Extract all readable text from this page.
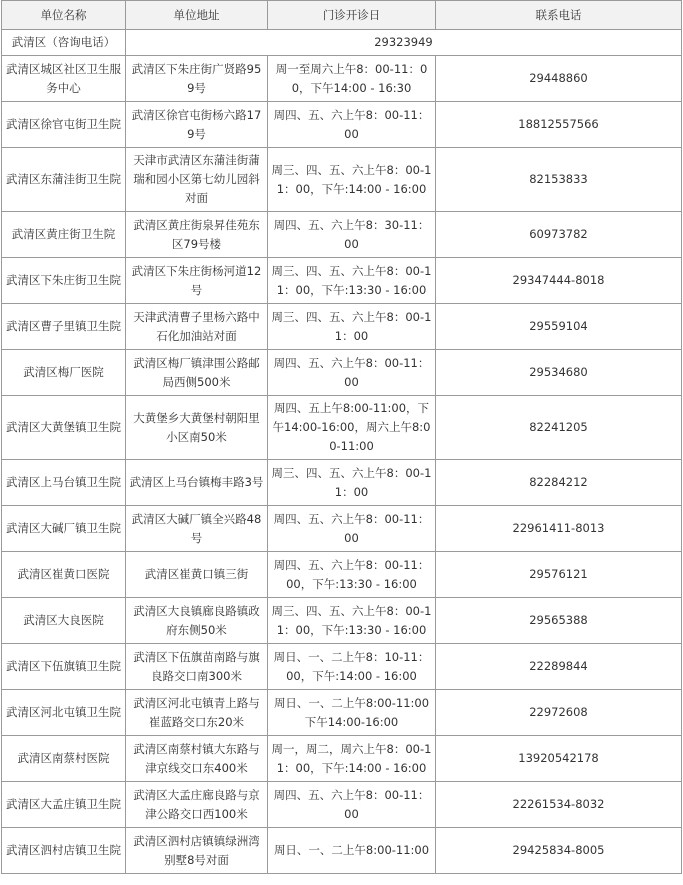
单位名称	单位地址	门诊开诊日	联系电话
武清区（咨询电话）	29323949		
武清区城区社区卫生服务中心	武清区下朱庄街广贤路959号	周一至周六上午8：00-11：00，下午14:00 - 16:30	29448860
武清区徐官屯街卫生院	武清区徐官屯街杨六路179号	周四、五、六上午8：00-11：00	18812557566
武清区东蒲洼街卫生院	天津市武清区东蒲洼街蒲瑞和园小区第七幼儿园斜对面	周三、四、五、六上午8：00-11：00，下午:14:00 - 16:00	82153833
武清区黄庄街卫生院	武清区黄庄街泉昇佳苑东区79号楼	周四、五、六上午8：30-11：00	60973782
武清区下朱庄街卫生院	武清区下朱庄街杨河道12号	周三、四、五、六上午8：00-11：00，下午:13:30 - 16:00	29347444-8018
武清区曹子里镇卫生院	天津武清曹子里杨六路中石化加油站对面	周三、四、五、六上午8：00-11：00	29559104
武清区梅厂医院	武清区梅厂镇津围公路邮局西侧500米	周四、五、六上午8：00-11：00	29534680
武清区大黄堡镇卫生院	大黄堡乡大黄堡村朝阳里小区南50米	周四、五上午8:00-11:00，下午14:00-16:00，周六上午8:00-11:00	82241205
武清区上马台镇卫生院	武清区上马台镇梅丰路3号	周三、四、五、六上午8：00-11：00	82284212
武清区大碱厂镇卫生院	武清区大碱厂镇全兴路48号	周四、五、六上午8：00-11：00	22961411-8013
武清区崔黄口医院	武清区崔黄口镇三街	周四、五、六上午8：00-11：00，下午:13:30 - 16:00	29576121
武清区大良医院	武清区大良镇廊良路镇政府东侧50米	周三、四、五、六上午8：00-11：00，下午:13:30 - 16:00	29565388
武清区下伍旗镇卫生院	武清区下伍旗苗南路与旗良路交口南300米	周日、一、二上午8：10-11：00，下午:14:00 - 16:00	22289844
武清区河北屯镇卫生院	武清区河北屯镇青上路与崔蓝路交口东20米	周日、一、二上午8:00-11:00下午14:00-16:00	22972608
武清区南蔡村医院	武清区南蔡村镇大东路与津京线交口东400米	周一，周二，周六上午8：00-11：00，下午:14:00 - 16:00	13920542178
武清区大孟庄镇卫生院	武清区大孟庄廊良路与京津公路交口西100米	周四、五、六上午8：00-11：00	22261534-8032
武清区泗村店镇卫生院	武清区泗村店镇镇绿洲湾别墅8号对面	周日、一、二上午8:00-11:00	29425834-8005
